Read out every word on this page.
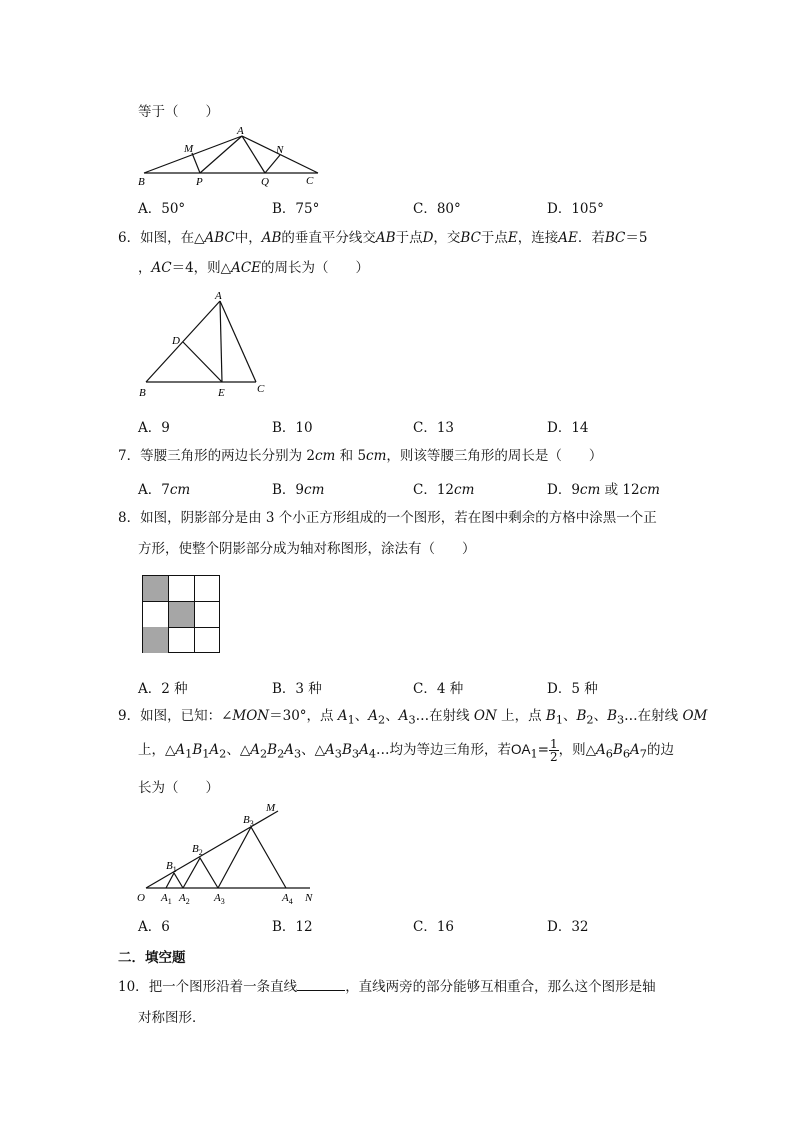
等于（　　）
A
M	N
B	P	Q	C
A．50°	B．75°	C．80°	D．105°
6．如图，在△ABC中，AB的垂直平分线交AB于点D，交BC于点E，连接AE．若BC＝5
，AC＝4，则△ACE的周长为（　　）
A
D
B	E	C
A．9	B．10	C．13	D．14
7．等腰三角形的两边长分别为 2cm 和 5cm，则该等腰三角形的周长是（　　）
A．7cm	B．9cm	C．12cm	D．9cm 或 12cm
8．如图，阴影部分是由 3 个小正方形组成的一个图形，若在图中剩余的方格中涂黑一个正
方形，使整个阴影部分成为轴对称图形，涂法有（　　）
A．2 种	B．3 种	C．4 种	D．5 种
9．如图，已知：∠MON＝30°，点 $A_1$、$A_2$、$A_3\dots$在射线 ON 上，点 $B_1$、$B_2$、$B_3\dots$在射线 OM
上，$\triangle A_1B_1A_2$、$\triangle A_2B_2A_3$、$\triangle A_3B_3A_4\dots$均为等边三角形，若$OA_1= \frac{1}{2}$ ，则$\triangle A_6B_6A_7$的边
长为（　　）
M
O	N
$B_3$
$B_2$
$B_1$
$A_1$ $A_2$ $A_3$	$A_4$
A．6	B．12	C．16	D．32
二．填空题
10．把一个图形沿着一条直线	，直线两旁的部分能够互相重合，那么这个图形是轴
对称图形．
